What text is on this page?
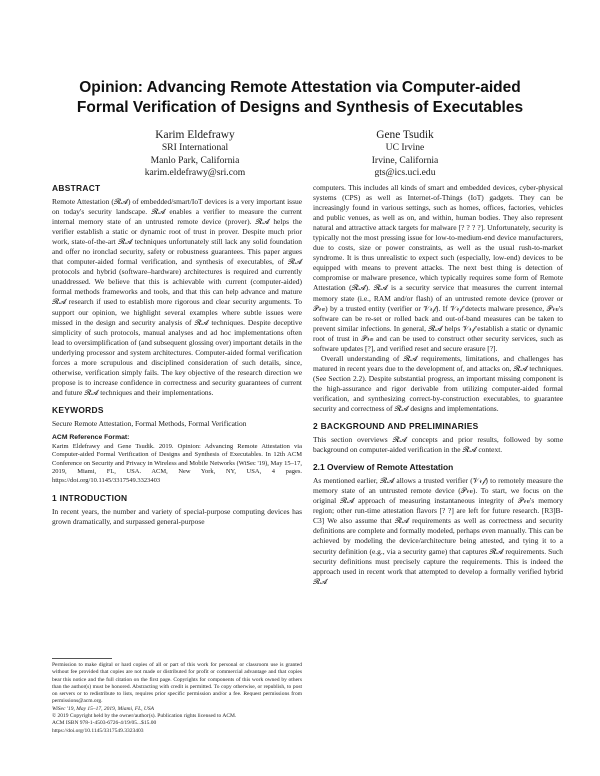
Opinion: Advancing Remote Attestation via Computer-aided
Formal Verification of Designs and Synthesis of Executables
Karim Eldefrawy
SRI International
Manlo Park, California
karim.eldefrawy@sri.com
Gene Tsudik
UC Irvine
Irvine, California
gts@ics.uci.edu
ABSTRACT

Remote Attestation (𝓡𝓐) of embedded/smart/IoT devices is a very important issue on today's security landscape. 𝓡𝓐 enables a verifier to measure the current internal memory state of an untrusted remote device (prover). 𝓡𝓐 helps the verifier establish a static or dynamic root of trust in prover. Despite much prior work, state-of-the-art 𝓡𝓐 techniques unfortunately still lack any solid foundation and offer no ironclad security, safety or robustness guarantees. This paper argues that computer-aided formal verification, and synthesis of executables, of 𝓡𝓐 protocols and hybrid (software–hardware) architectures is required and currently unaddressed. We believe that this is achievable with current (computer-aided) formal methods frameworks and tools, and that this can help advance and mature 𝓡𝓐 research if used to establish more rigorous and clear security arguments. To support our opinion, we highlight several examples where subtle issues were missed in the design and security analysis of 𝓡𝓐 techniques. Despite deceptive simplicity of such protocols, manual analyses and ad hoc implementations often lead to oversimplification of (and subsequent glossing over) important details in the underlying processor and system architectures. Computer-aided formal verification forces a more scrupulous and disciplined consideration of such details, since, otherwise, verification simply fails. The key objective of the research direction we propose is to increase confidence in correctness and security guarantees of current and future 𝓡𝓐 techniques and their implementations.

KEYWORDS

Secure Remote Attestation, Formal Methods, Formal Verification

ACM Reference Format:

Karim Eldefrawy and Gene Tsudik. 2019. Opinion: Advancing Remote Attestation via Computer-aided Formal Verification of Designs and Synthesis of Executables. In 12th ACM Conference on Security and Privacy in Wireless and Mobile Networks (WiSec '19), May 15–17, 2019, Miami, FL, USA. ACM, New York, NY, USA, 4 pages. https://doi.org/10.1145/3317549.3323403

1 INTRODUCTION

In recent years, the number and variety of special-purpose computing devices has grown dramatically, and surpassed general-purpose

Permission to make digital or hard copies of all or part of this work for personal or classroom use is granted without fee provided that copies are not made or distributed for profit or commercial advantage and that copies bear this notice and the full citation on the first page. Copyrights for components of this work owned by others than the author(s) must be honored. Abstracting with credit is permitted. To copy otherwise, or republish, to post on servers or to redistribute to lists, requires prior specific permission and/or a fee. Request permissions from permissions@acm.org.
WiSec '19, May 15–17, 2019, Miami, FL, USA
© 2019 Copyright held by the owner/author(s). Publication rights licensed to ACM.
ACM ISBN 978-1-4503-6726-4/19/05...$15.00
https://doi.org/10.1145/3317549.3323403

computers. This includes all kinds of smart and embedded devices, cyber-physical systems (CPS) as well as Internet-of-Things (IoT) gadgets. They can be increasingly found in various settings, such as homes, offices, factories, vehicles and public venues, as well as on, and within, human bodies. They also represent natural and attractive attack targets for malware [? ? ? ?]. Unfortunately, security is typically not the most pressing issue for low-to-medium-end device manufacturers, due to costs, size or power constraints, as well as the usual rush-to-market syndrome. It is thus unrealistic to expect such (especially, low-end) devices to be equipped with means to prevent attacks. The next best thing is detection of compromise or malware presence, which typically requires some form of Remote Attestation (𝓡𝓐). 𝓡𝓐 is a security service that measures the current internal memory state (i.e., RAM and/or flash) of an untrusted remote device (prover or 𝒫𝓇𝓋) by a trusted entity (verifier or 𝒱𝓇𝒻). If 𝒱𝓇𝒻 detects malware presence, 𝒫𝓇𝓋's software can be re-set or rolled back and out-of-band measures can be taken to prevent similar infections. In general, 𝓡𝓐 helps 𝒱𝓇𝒻 establish a static or dynamic root of trust in 𝒫𝓇𝓋 and can be used to construct other security services, such as software updates [?], and verified reset and secure erasure [?].

Overall understanding of 𝓡𝓐 requirements, limitations, and challenges has matured in recent years due to the development of, and attacks on, 𝓡𝓐 techniques. (See Section 2.2). Despite substantial progress, an important missing component is the high-assurance and rigor derivable from utilizing computer-aided formal verification, and synthesizing correct-by-construction executables, to guarantee security and correctness of 𝓡𝓐 designs and implementations.

2 BACKGROUND AND PRELIMINARIES

This section overviews 𝓡𝓐 concepts and prior results, followed by some background on computer-aided verification in the 𝓡𝓐 context.

2.1 Overview of Remote Attestation

As mentioned earlier, 𝓡𝓐 allows a trusted verifier (𝒱𝓇𝒻) to remotely measure the memory state of an untrusted remote device (𝒫𝓇𝓋). To start, we focus on the original 𝓡𝓐 approach of measuring instantaneous integrity of 𝒫𝓇𝓋's memory region; other run-time attestation flavors [? ?] are left for future research. [R3]B-C3] We also assume that 𝓡𝓐 requirements as well as correctness and security definitions are complete and formally modeled, perhaps even manually. This can be achieved by modeling the device/architecture being attested, and tying it to a security definition (e.g., via a security game) that captures 𝓡𝓐 requirements. Such security definitions must precisely capture the requirements. This is indeed the approach used in recent work that attempted to develop a formally verified hybrid 𝓡𝓐
